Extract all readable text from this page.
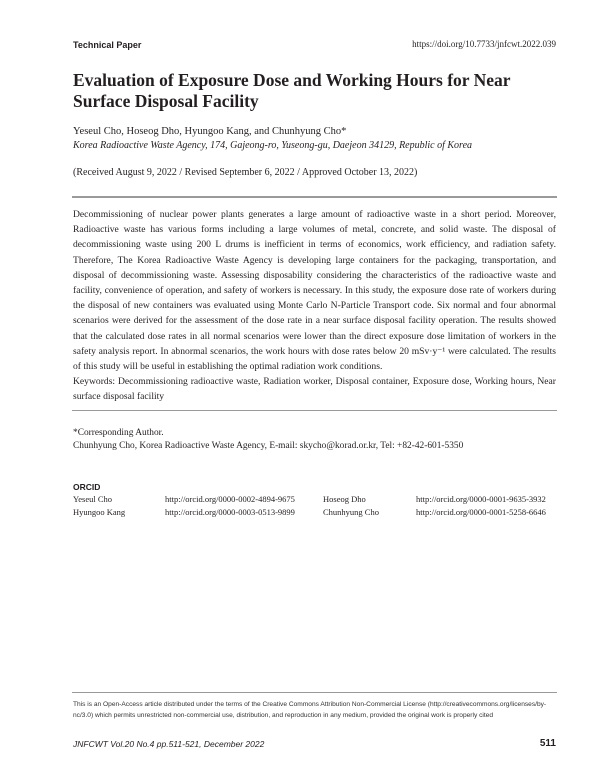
Technical Paper	https://doi.org/10.7733/jnfcwt.2022.039
Evaluation of Exposure Dose and Working Hours for Near Surface Disposal Facility
Yeseul Cho, Hoseog Dho, Hyungoo Kang, and Chunhyung Cho*
Korea Radioactive Waste Agency, 174, Gajeong-ro, Yuseong-gu, Daejeon 34129, Republic of Korea
(Received August 9, 2022 / Revised September 6, 2022 / Approved October 13, 2022)
Decommissioning of nuclear power plants generates a large amount of radioactive waste in a short period. Moreover, Radioactive waste has various forms including a large volumes of metal, concrete, and solid waste. The disposal of decommissioning waste using 200 L drums is inefficient in terms of economics, work efficiency, and radiation safety. Therefore, The Korea Radioactive Waste Agency is developing large containers for the packaging, transportation, and disposal of decommissioning waste. Assessing disposability considering the characteristics of the radioactive waste and facility, convenience of operation, and safety of workers is necessary. In this study, the exposure dose rate of workers during the disposal of new containers was evaluated using Monte Carlo N-Particle Transport code. Six normal and four abnormal scenarios were derived for the assessment of the dose rate in a near surface disposal facility operation. The results showed that the calculated dose rates in all normal scenarios were lower than the direct exposure dose limitation of workers in the safety analysis report. In abnormal scenarios, the work hours with dose rates below 20 mSv·y⁻¹ were calculated. The results of this study will be useful in establishing the optimal radiation work conditions.
Keywords: Decommissioning radioactive waste, Radiation worker, Disposal container, Exposure dose, Working hours, Near surface disposal facility
*Corresponding Author.
Chunhyung Cho, Korea Radioactive Waste Agency, E-mail: skycho@korad.or.kr, Tel: +82-42-601-5350
ORCID
Yeseul Cho	http://orcid.org/0000-0002-4894-9675	Hoseog Dho	http://orcid.org/0000-0001-9635-3932
Hyungoo Kang	http://orcid.org/0000-0003-0513-9899	Chunhyung Cho	http://orcid.org/0000-0001-5258-6646
This is an Open-Access article distributed under the terms of the Creative Commons Attribution Non-Commercial License (http://creativecommons.org/licenses/by-nc/3.0) which permits unrestricted non-commercial use, distribution, and reproduction in any medium, provided the original work is properly cited
JNFCWT Vol.20 No.4 pp.511-521, December 2022	511
